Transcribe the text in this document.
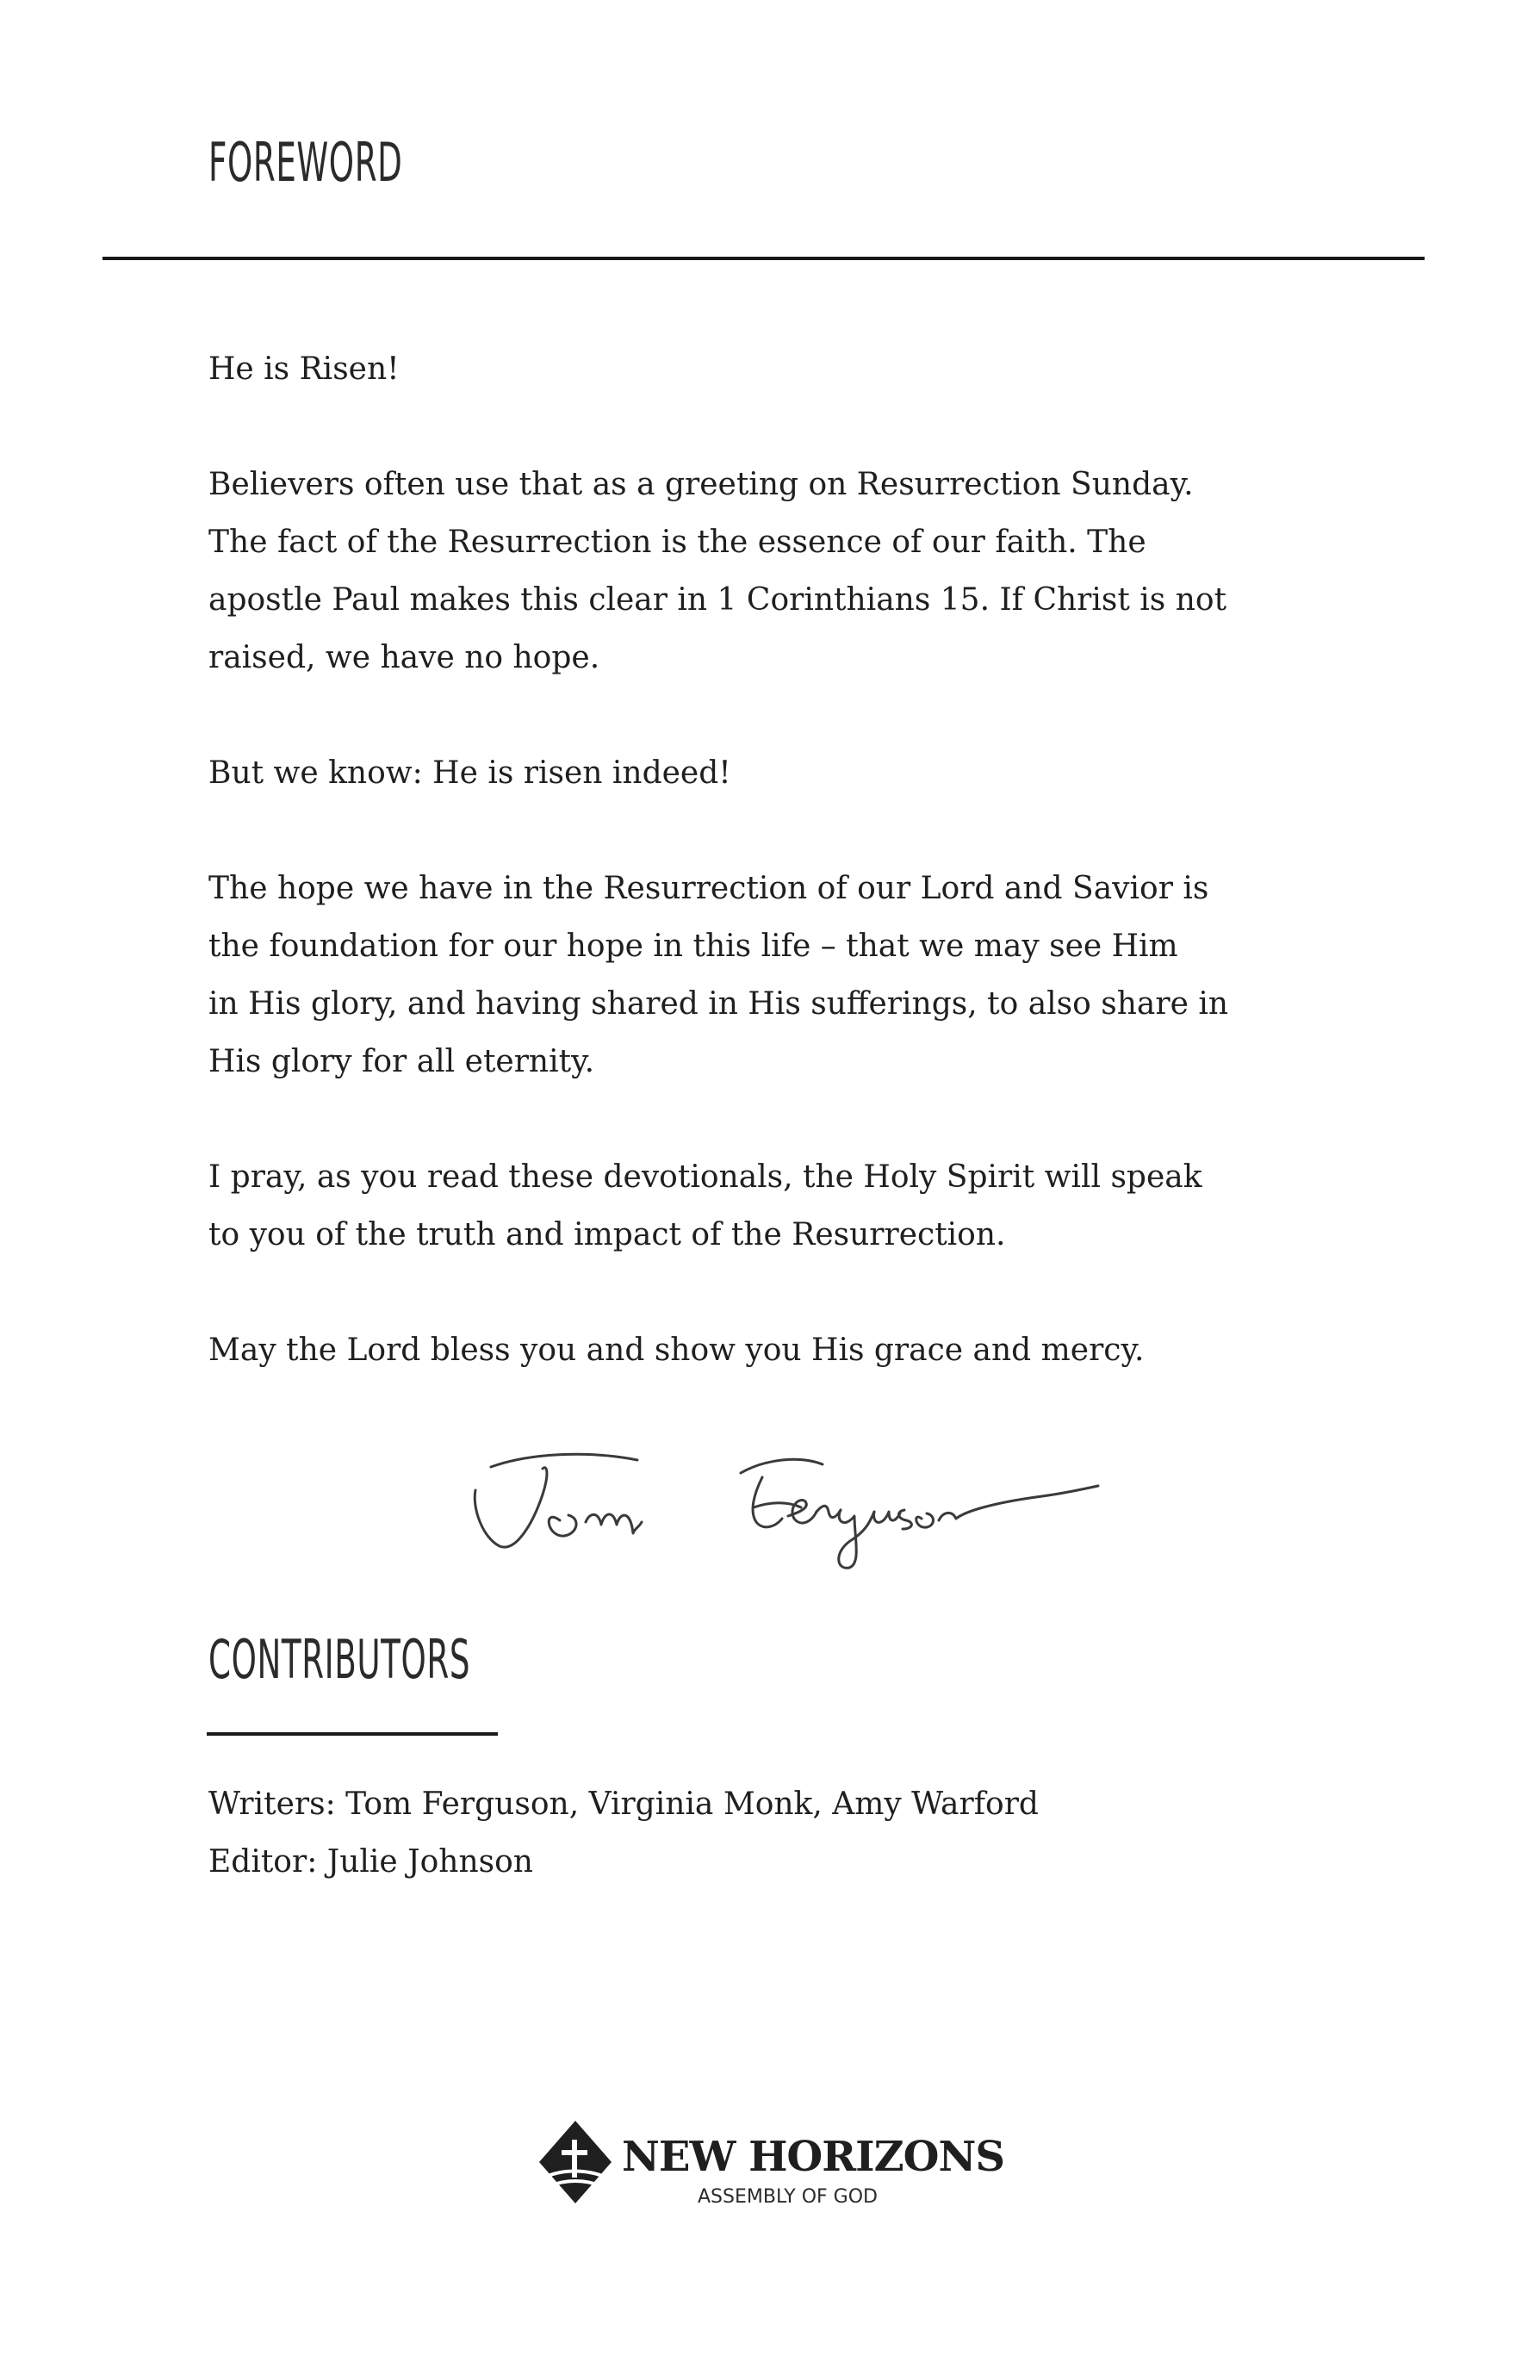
FOREWORD

He is Risen!

Believers often use that as a greeting on Resurrection Sunday.
The fact of the Resurrection is the essence of our faith. The
apostle Paul makes this clear in 1 Corinthians 15. If Christ is not
raised, we have no hope.

But we know: He is risen indeed!

The hope we have in the Resurrection of our Lord and Savior is
the foundation for our hope in this life – that we may see Him
in His glory, and having shared in His sufferings, to also share in
His glory for all eternity.

I pray, as you read these devotionals, the Holy Spirit will speak
to you of the truth and impact of the Resurrection.

May the Lord bless you and show you His grace and mercy.

CONTRIBUTORS

Writers: Tom Ferguson, Virginia Monk, Amy Warford

Editor: Julie Johnson

NEW HORIZONS
ASSEMBLY OF GOD
